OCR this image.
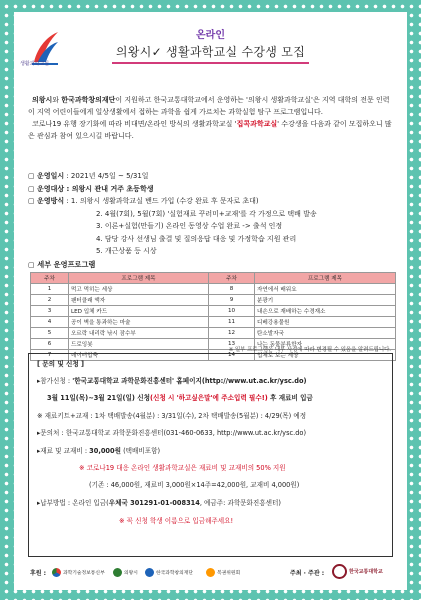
생활과학교실
온라인
의왕시✓ 생활과학교실 수강생 모집

의왕시와 한국과학창의재단이 지원하고 한국교통대학교에서 운영하는 '의왕시 생활과학교실'은 지역 대학의 전문 인력이 지역 어린이들에게 일상생활에서 접하는 과학을 쉽게 가르치는 과학실험 탐구 프로그램입니다.

코로나19 유행 장기화에 따라 비대면/온라인 방식의 생활과학교실 '집콕과학교실' 수강생을 다음과 같이 모집하오니 많은 관심과 참여 있으시길 바랍니다.

▢ 운영일시 : 2021년 4/5일 ~ 5/31일
▢ 운영대상 : 의왕시 관내 거주 초등학생
▢ 운영방식 : 1. 의왕시 생활과학교실 밴드 가입 (수강 완료 후 문자로 초대)
2. 4월(7회), 5월(7회) '실험재료 꾸러미+교재'를 각 가정으로 택배 발송
3. 이론+실험(만들기) 온라인 동영상 수업 완료 -> 출석 인정
4. 담당 강사 선생님 출결 및 질의응답 대응 및 가정학습 지원 관리
5. 개근상품 등 시상
▢ 세부 운영프로그램
주차	프로그램 제목	주차	프로그램 제목
1	먹고 먹히는 세상	8	자연에서 배워요
2	팬터클래 액자	9	분광기
3	LED 입체 카드	10	내손으로 재배하는 수경재소
4	공이 벽을 통과하는 마술	11	디베강용물원
5	오르락 내리락 낚시 잠수부	12	탄소발자국
6	드로잉봇	13	나는 동물분류학자
7	데이터압축	14	입체로 보는 세상
※ 일부 프로그램은 내부 사정에 따라 변경될 수 있음을 알려드립니다.
[ 문의 및 신청 ]
▸참가신청 : '한국교통대학교 과학문화진흥센터' 홈페이지(http://www.ut.ac.kr/ysc.do)
3월 11일(목)~3월 21일(일) 신청(신청 시 '하고싶은말'에 주소입력 필수!) 후 재료비 입금
※ 재료키트+교재 : 1차 택배발송(4월분) : 3/31일(수), 2차 택배발송(5월분) : 4/29(목) 예정
▸문의처 : 한국교통대학교 과학문화진흥센터(031-460-0633, http://www.ut.ac.kr/ysc.do)
▸재료 및 교재비 : 30,000원 (택배비포함)
※ 코로나19 대응 온라인 생활과학교실은 재료비 및 교재비의 50% 지원
(기존 : 46,000원, 재료비 3,000원×14주=42,000원, 교재비 4,000원)
▸납부방법 : 온라인 입금(우체국 301291-01-008314, 예금주: 과학문화진흥센터)
※ 꼭 신청 학생 이름으로 입금해주세요!
후원 :	과학기술정보통신부	의왕시	한국과학창의재단	복권위원회	주최 · 주관 :	한국교통대학교
